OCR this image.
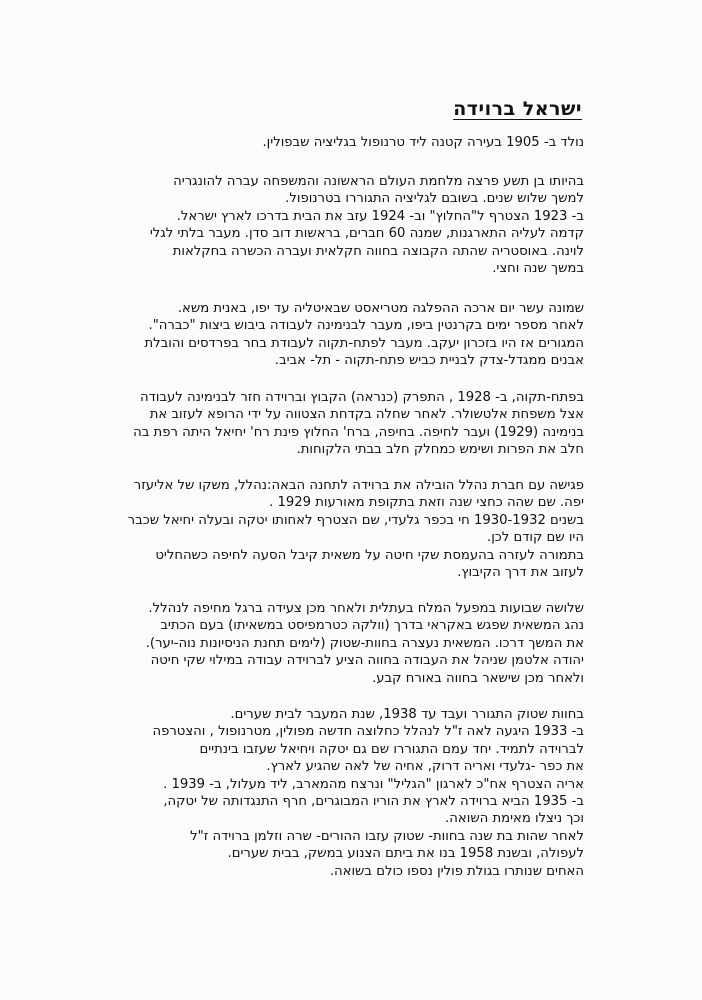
ישראל ברוידה

נולד ב- 1905 בעירה קטנה ליד טרנופול בגליציה שבפולין.

בהיותו בן תשע פרצה מלחמת העולם הראשונה והמשפחה עברה להונגריה
למשך שלוש שנים. בשובם לגליציה התגוררו בטרנופול.
ב- 1923 הצטרף ל"החלוץ" וב- 1924 עזב את הבית בדרכו לארץ ישראל.
קדמה לעליה התארגנות, שמנה 60 חברים, בראשות דוב סדן. מעבר בלתי לגלי
לוינה. באוסטריה שהתה הקבוצה בחווה חקלאית ועברה הכשרה בחקלאות
במשך שנה וחצי.

שמונה עשר יום ארכה ההפלגה מטריאסט שבאיטליה עד יפו, באנית משא.
לאחר מספר ימים בקרנטין ביפו, מעבר לבנימינה לעבודה ביבוש ביצות "כברה".
המגורים אז היו בזכרון יעקב. מעבר לפתח-תקוה לעבודת בחר בפרדסים והובלת
אבנים ממגדל-צדק לבניית כביש פתח-תקוה - תל- אביב.

בפתח-תקוה, ב- 1928 , התפרק (כנראה) הקבוץ וברוידה חזר לבנימינה לעבודה
אצל משפחת אלטשולר. לאחר שחלה בקדחת הצטווה על ידי הרופא לעזוב את
בנימינה (1929) ועבר לחיפה. בחיפה, ברח' החלוץ פינת רח' יחיאל היתה רפת בה
חלב את הפרות ושימש כמחלק חלב בבתי הלקוחות.

פגישה עם חברת נהלל הובילה את ברוידה לתחנה הבאה:נהלל, משקו של אליעזר
יפה. שם שהה כחצי שנה וזאת בתקופת מאורעות 1929 .
בשנים 1930-1932 חי בכפר גלעדי, שם הצטרף לאחותו יטקה ובעלה יחיאל שכבר
היו שם קודם לכן.
בתמורה לעזרה בהעמסת שקי חיטה על משאית קיבל הסעה לחיפה כשהחליט
לעזוב את דרך הקיבוץ.

שלושה שבועות במפעל המלח בעתלית ולאחר מכן צעידה ברגל מחיפה לנהלל.
נהג המשאית שפגש באקראי בדרך (וולקה כטרמפיסט במשאיתו) בעם הכתיב
את המשך דרכו. המשאית נעצרה בחוות-שטוק (לימים תחנת הניסיונות נוה-יער).
יהודה אלטמן שניהל את העבודה בחווה הציע לברוידה עבודה במילוי שקי חיטה
ולאחר מכן שישאר בחווה באורח קבע.

בחוות שטוק התגורר ועבד עד 1938, שנת המעבר לבית שערים.
ב- 1933 היגעה לאה ז"ל לנהלל כחלוצה חדשה מפולין, מטרנופול , והצטרפה
לברוידה לתמיד. יחד עמם התגוררו שם גם יטקה ויחיאל שעזבו בינתיים
את כפר -גלעדי ואריה דרוק, אחיה של לאה שהגיע לארץ.
אריה הצטרף אח"כ לארגון "הגליל" ונרצח מהמארב, ליד מעלול, ב- 1939 .
ב- 1935 הביא ברוידה לארץ את הוריו המבוגרים, חרף התנגדותה של יטקה,
וכך ניצלו מאימת השואה.
לאחר שהות בת שנה בחוות- שטוק עזבו ההורים- שרה וזלמן ברוידה ז"ל
לעפולה, ובשנת 1958 בנו את ביתם הצנוע במשק, בבית שערים.
האחים שנותרו בגולת פולין נספו כולם בשואה.
